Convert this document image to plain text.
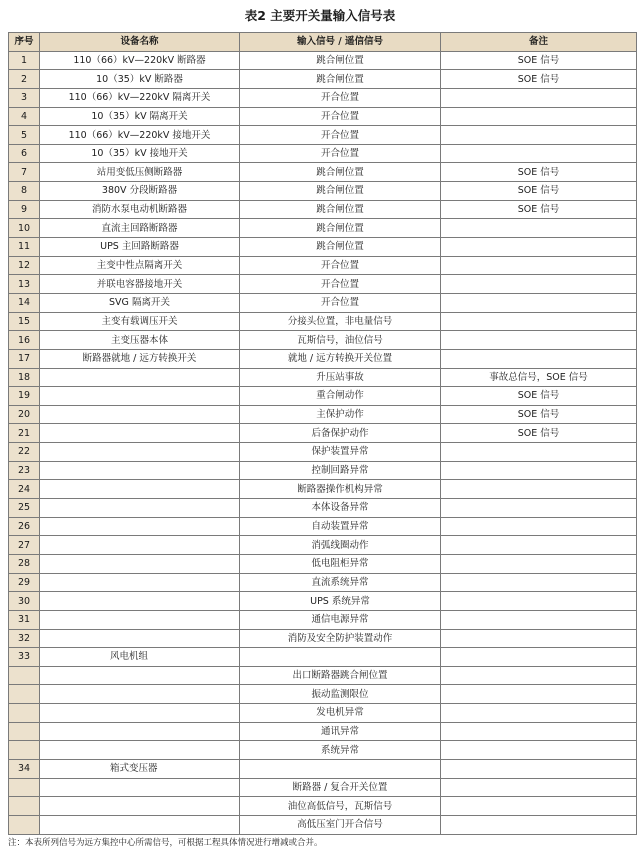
表2 主要开关量输入信号表
序号	设备名称	输入信号 / 遥信信号	备注
1	110（66）kV—220kV 断路器	跳合闸位置	SOE 信号
2	10（35）kV 断路器	跳合闸位置	SOE 信号
3	110（66）kV—220kV 隔离开关	开合位置	
4	10（35）kV 隔离开关	开合位置	
5	110（66）kV—220kV 接地开关	开合位置	
6	10（35）kV 接地开关	开合位置	
7	站用变低压侧断路器	跳合闸位置	SOE 信号
8	380V 分段断路器	跳合闸位置	SOE 信号
9	消防水泵电动机断路器	跳合闸位置	SOE 信号
10	直流主回路断路器	跳合闸位置	
11	UPS 主回路断路器	跳合闸位置	
12	主变中性点隔离开关	开合位置	
13	并联电容器接地开关	开合位置	
14	SVG 隔离开关	开合位置	
15	主变有载调压开关	分接头位置，非电量信号	
16	主变压器本体	瓦斯信号，油位信号	
17	断路器就地 / 远方转换开关	就地 / 远方转换开关位置	
18		升压站事故	事故总信号，SOE 信号
19		重合闸动作	SOE 信号
20		主保护动作	SOE 信号
21		后备保护动作	SOE 信号
22		保护装置异常	
23		控制回路异常	
24		断路器操作机构异常	
25		本体设备异常	
26		自动装置异常	
27		消弧线圈动作	
28		低电阻柜异常	
29		直流系统异常	
30		UPS 系统异常	
31		通信电源异常	
32		消防及安全防护装置动作	
33	风电机组		
		出口断路器跳合闸位置	
		振动监测限位	
		发电机异常	
		通讯异常	
		系统异常	
34	箱式变压器		
		断路器 / 复合开关位置	
		油位高低信号，瓦斯信号	
		高低压室门开合信号	
注：本表所列信号为远方集控中心所需信号，可根据工程具体情况进行增减或合并。
